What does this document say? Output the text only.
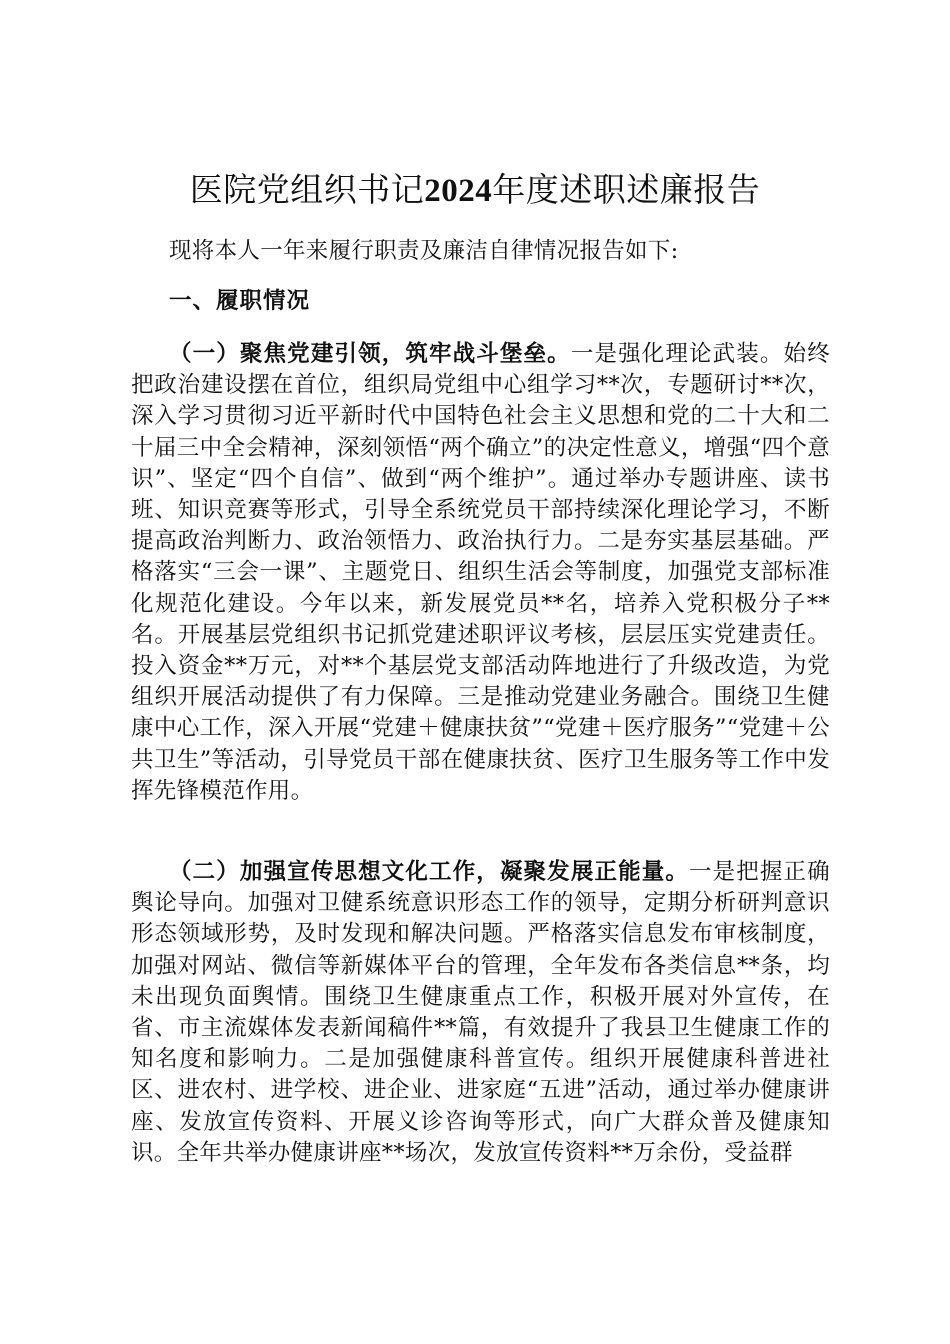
医院党组织书记2024年度述职述廉报告
现将本人一年来履行职责及廉洁自律情况报告如下:
一、履职情况
（一）聚焦党建引领，筑牢战斗堡垒。一是强化理论武装。始终把政治建设摆在首位，组织局党组中心组学习**次，专题研讨**次，深入学习贯彻习近平新时代中国特色社会主义思想和党的二十大和二十届三中全会精神，深刻领悟“两个确立”的决定性意义，增强“四个意识”、坚定“四个自信”、做到“两个维护”。通过举办专题讲座、读书班、知识竞赛等形式，引导全系统党员干部持续深化理论学习，不断提高政治判断力、政治领悟力、政治执行力。二是夯实基层基础。严格落实“三会一课”、主题党日、组织生活会等制度，加强党支部标准化规范化建设。今年以来，新发展党员**名，培养入党积极分子**名。开展基层党组织书记抓党建述职评议考核，层层压实党建责任。投入资金**万元，对**个基层党支部活动阵地进行了升级改造，为党组织开展活动提供了有力保障。三是推动党建业务融合。围绕卫生健康中心工作，深入开展“党建＋健康扶贫”“党建＋医疗服务”“党建＋公共卫生”等活动，引导党员干部在健康扶贫、医疗卫生服务等工作中发挥先锋模范作用。
（二）加强宣传思想文化工作，凝聚发展正能量。一是把握正确舆论导向。加强对卫健系统意识形态工作的领导，定期分析研判意识形态领域形势，及时发现和解决问题。严格落实信息发布审核制度，加强对网站、微信等新媒体平台的管理，全年发布各类信息**条，均未出现负面舆情。围绕卫生健康重点工作，积极开展对外宣传，在省、市主流媒体发表新闻稿件**篇，有效提升了我县卫生健康工作的知名度和影响力。二是加强健康科普宣传。组织开展健康科普进社区、进农村、进学校、进企业、进家庭“五进”活动，通过举办健康讲座、发放宣传资料、开展义诊咨询等形式，向广大群众普及健康知识。全年共举办健康讲座**场次，发放宣传资料**万余份，受益群
